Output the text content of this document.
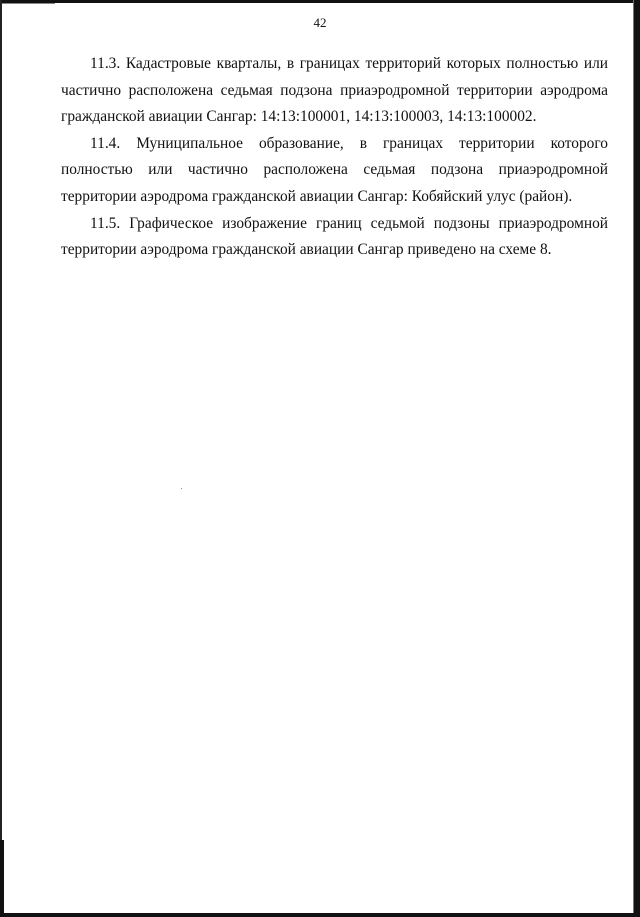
42

11.3. Кадастровые кварталы, в границах территорий которых полностью или частично расположена седьмая подзона приаэродромной территории аэродрома гражданской авиации Сангар: 14:13:100001, 14:13:100003, 14:13:100002.

11.4. Муниципальное образование, в границах территории которого полностью или частично расположена седьмая подзона приаэродромной территории аэродрома гражданской авиации Сангар: Кобяйский улус (район).

11.5. Графическое изображение границ седьмой подзоны приаэродромной территории аэродрома гражданской авиации Сангар приведено на схеме 8.
